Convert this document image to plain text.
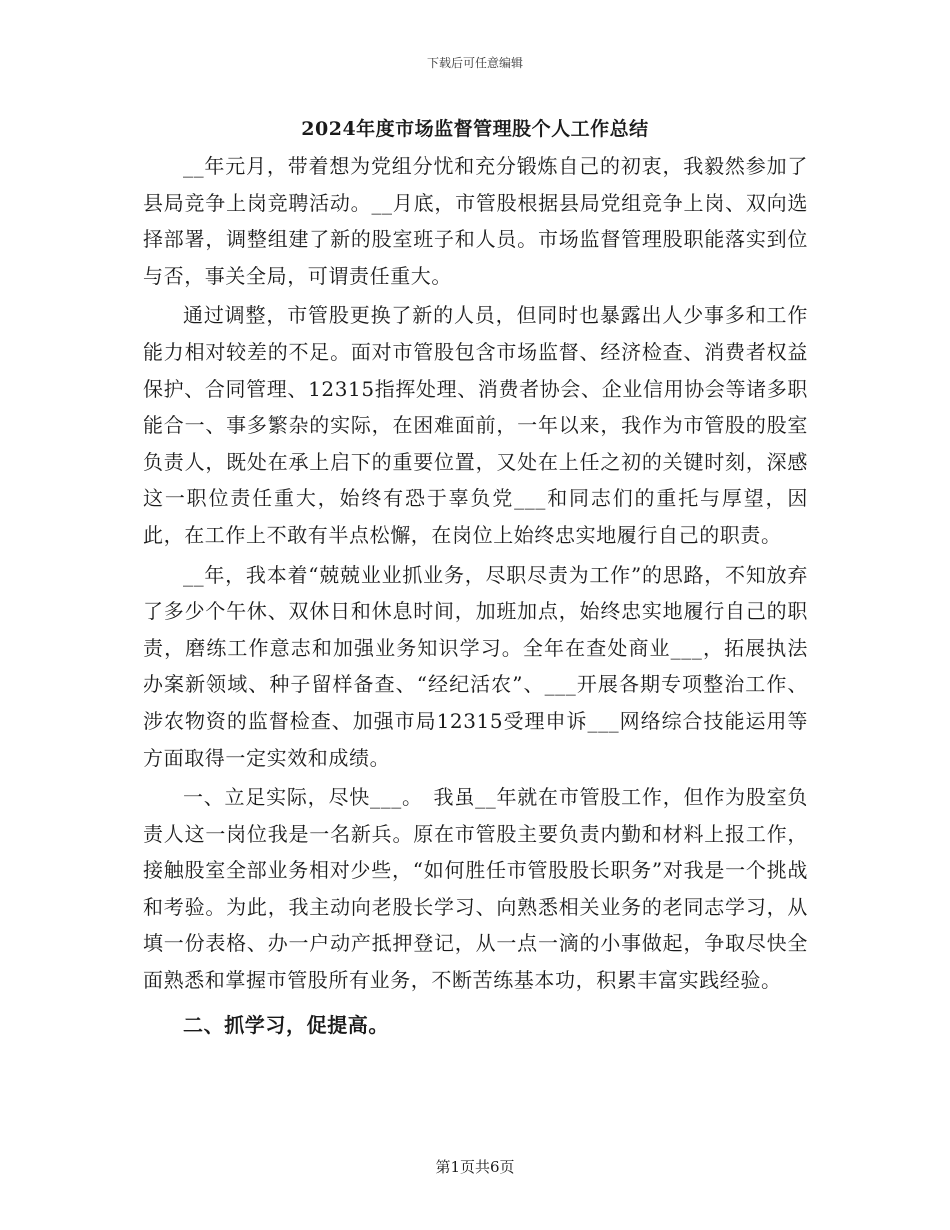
下载后可任意编辑
2024年度市场监督管理股个人工作总结

__年元月，带着想为党组分忧和充分锻炼自己的初衷，我毅然参加了县局竞争上岗竞聘活动。__月底，市管股根据县局党组竞争上岗、双向选择部署，调整组建了新的股室班子和人员。市场监督管理股职能落实到位与否，事关全局，可谓责任重大。

通过调整，市管股更换了新的人员，但同时也暴露出人少事多和工作能力相对较差的不足。面对市管股包含市场监督、经济检查、消费者权益保护、合同管理、12315指挥处理、消费者协会、企业信用协会等诸多职能合一、事多繁杂的实际，在困难面前，一年以来，我作为市管股的股室负责人，既处在承上启下的重要位置，又处在上任之初的关键时刻，深感这一职位责任重大，始终有恐于辜负党___和同志们的重托与厚望，因此，在工作上不敢有半点松懈，在岗位上始终忠实地履行自己的职责。

__年，我本着“兢兢业业抓业务，尽职尽责为工作”的思路，不知放弃了多少个午休、双休日和休息时间，加班加点，始终忠实地履行自己的职责，磨练工作意志和加强业务知识学习。全年在查处商业___，拓展执法办案新领域、种子留样备查、“经纪活农”、___开展各期专项整治工作、涉农物资的监督检查、加强市局12315受理申诉___网络综合技能运用等方面取得一定实效和成绩。

一、立足实际，尽快___。　我虽__年就在市管股工作，但作为股室负责人这一岗位我是一名新兵。原在市管股主要负责内勤和材料上报工作，接触股室全部业务相对少些，“如何胜任市管股股长职务”对我是一个挑战和考验。为此，我主动向老股长学习、向熟悉相关业务的老同志学习，从填一份表格、办一户动产抵押登记，从一点一滴的小事做起，争取尽快全面熟悉和掌握市管股所有业务，不断苦练基本功，积累丰富实践经验。

二、抓学习，促提高。

第1页共6页
